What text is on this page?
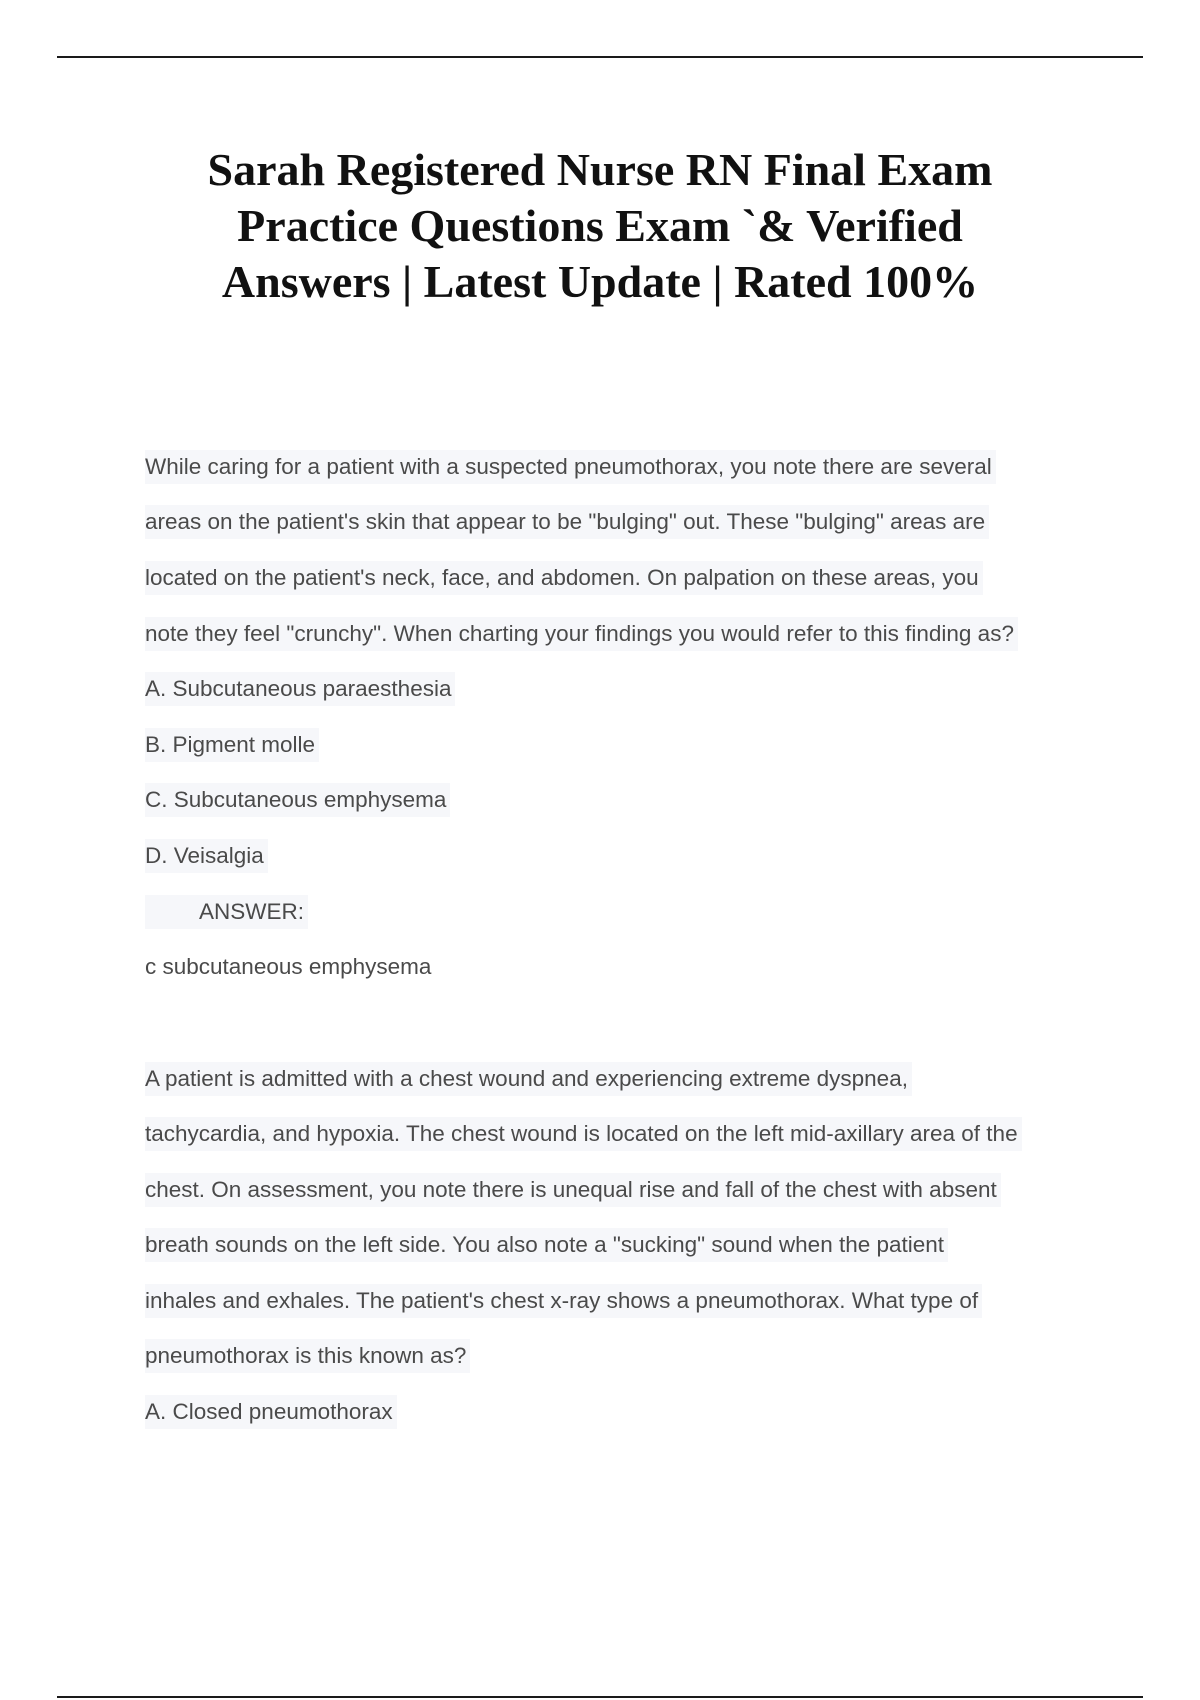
Sarah Registered Nurse RN Final Exam
Practice Questions Exam `& Verified
Answers | Latest Update | Rated 100%
While caring for a patient with a suspected pneumothorax, you note there are several
areas on the patient's skin that appear to be "bulging" out. These "bulging" areas are
located on the patient's neck, face, and abdomen. On palpation on these areas, you
note they feel "crunchy". When charting your findings you would refer to this finding as?
A. Subcutaneous paraesthesia
B. Pigment molle
C. Subcutaneous emphysema
D. Veisalgia
ANSWER:
c subcutaneous emphysema
A patient is admitted with a chest wound and experiencing extreme dyspnea,
tachycardia, and hypoxia. The chest wound is located on the left mid-axillary area of the
chest. On assessment, you note there is unequal rise and fall of the chest with absent
breath sounds on the left side. You also note a "sucking" sound when the patient
inhales and exhales. The patient's chest x-ray shows a pneumothorax. What type of
pneumothorax is this known as?
A. Closed pneumothorax
